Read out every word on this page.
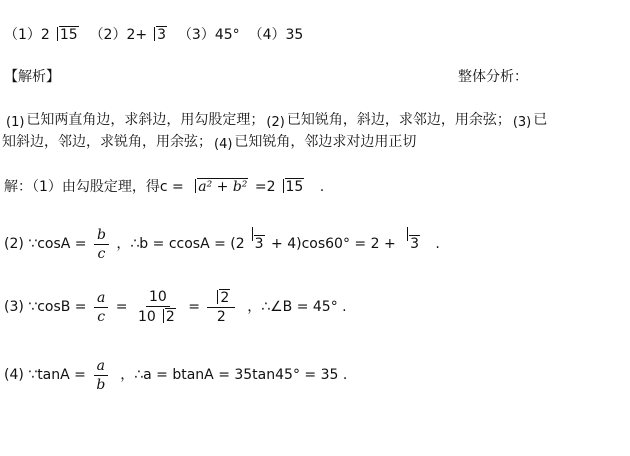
（1）2 15 （2）2+ 3 （3）45° （4）35
【解析】	整体分析：
(1) 已知两直角边，求斜边，用勾股定理； (2) 已知锐角，斜边，求邻边，用余弦； (3) 已
知斜边，邻边，求锐角，用余弦； (4) 已知锐角，邻边求对边用正切
解：（1）由勾股定理，得c = a² + b² =2 15 .
(2) ∵cosA = $\frac{b}{c}$ ，∴b = ccosA = (2 3 + 4)cos60° = 2 + 3 .
(3) ∵cosB = $\frac{a}{c} = \frac{10}{10 2} = \frac{2}{2}$ ，∴∠B = 45° .
(4) ∵tanA = $\frac{a}{b}$ ，∴a = btanA = 35tan45° = 35 .
